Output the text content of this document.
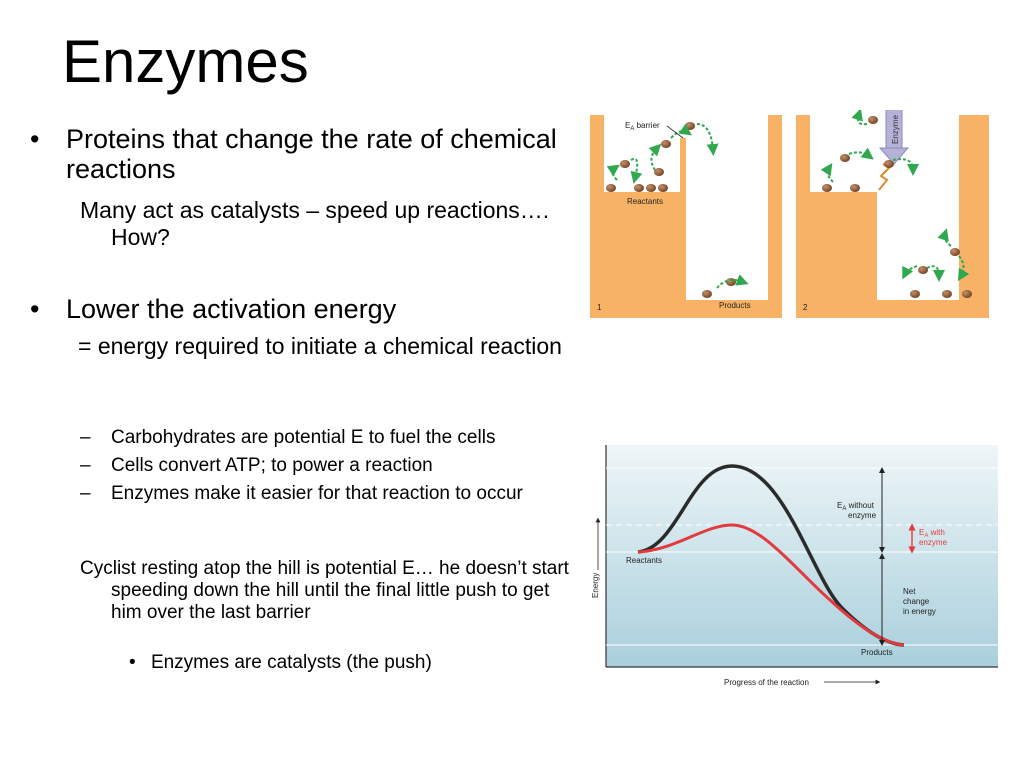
Enzymes
• Proteins that change the rate of chemical reactions
Many act as catalysts – speed up reactions…. How?
• Lower the activation energy
= energy required to initiate a chemical reaction
– Carbohydrates are potential E to fuel the cells
– Cells convert ATP; to power a reaction
– Enzymes make it easier for that reaction to occur
Cyclist resting atop the hill is potential E… he doesn’t start speeding down the hill until the final little push to get him over the last barrier
• Enzymes are catalysts (the push)
Enzyme
$E_A$ barrier
Reactants
Products
1	2
Reactants
Products
$E_A$ without
enzyme
$E_A$ with
enzyme
Net
change
in energy
Energy
Progress of the reaction
